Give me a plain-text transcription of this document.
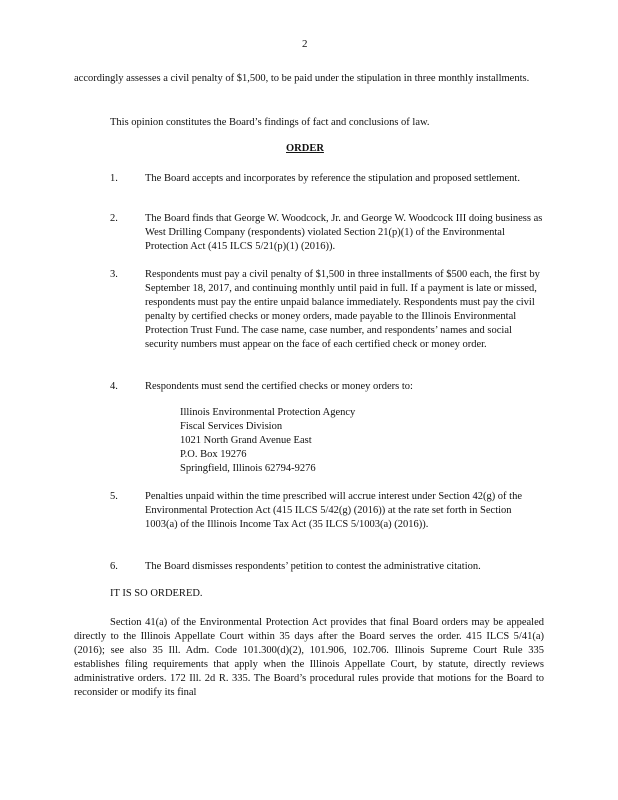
2
accordingly assesses a civil penalty of $1,500, to be paid under the stipulation in three monthly installments.
This opinion constitutes the Board’s findings of fact and conclusions of law.
ORDER
1.	The Board accepts and incorporates by reference the stipulation and proposed settlement.
2.	The Board finds that George W. Woodcock, Jr. and George W. Woodcock III doing business as West Drilling Company (respondents) violated Section 21(p)(1) of the Environmental Protection Act (415 ILCS 5/21(p)(1) (2016)).
3.	Respondents must pay a civil penalty of $1,500 in three installments of $500 each, the first by September 18, 2017, and continuing monthly until paid in full. If a payment is late or missed, respondents must pay the entire unpaid balance immediately. Respondents must pay the civil penalty by certified checks or money orders, made payable to the Illinois Environmental Protection Trust Fund. The case name, case number, and respondents’ names and social security numbers must appear on the face of each certified check or money order.
4.	Respondents must send the certified checks or money orders to:
Illinois Environmental Protection Agency
Fiscal Services Division
1021 North Grand Avenue East
P.O. Box 19276
Springfield, Illinois 62794-9276
5.	Penalties unpaid within the time prescribed will accrue interest under Section 42(g) of the Environmental Protection Act (415 ILCS 5/42(g) (2016)) at the rate set forth in Section 1003(a) of the Illinois Income Tax Act (35 ILCS 5/1003(a) (2016)).
6.	The Board dismisses respondents’ petition to contest the administrative citation.
IT IS SO ORDERED.
Section 41(a) of the Environmental Protection Act provides that final Board orders may be appealed directly to the Illinois Appellate Court within 35 days after the Board serves the order. 415 ILCS 5/41(a) (2016); see also 35 Ill. Adm. Code 101.300(d)(2), 101.906, 102.706. Illinois Supreme Court Rule 335 establishes filing requirements that apply when the Illinois Appellate Court, by statute, directly reviews administrative orders. 172 Ill. 2d R. 335. The Board’s procedural rules provide that motions for the Board to reconsider or modify its final
